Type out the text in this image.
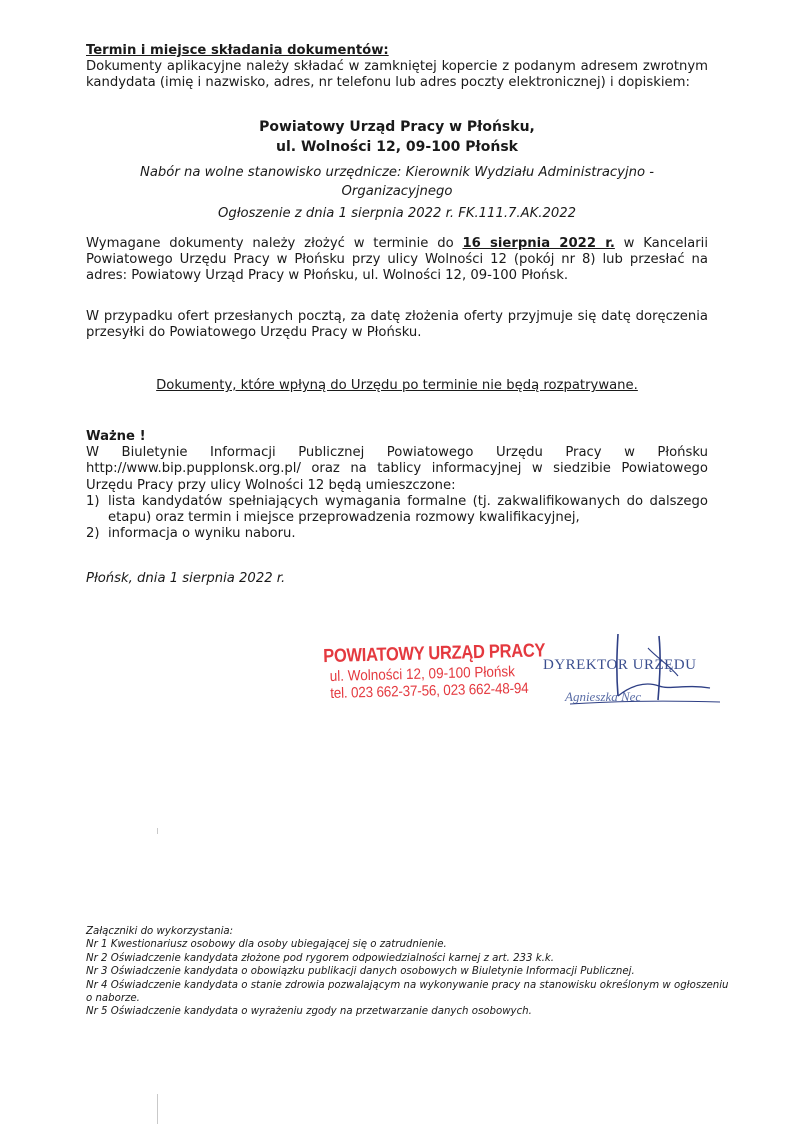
Termin i miejsce składania dokumentów:
Dokumenty aplikacyjne należy składać w zamkniętej kopercie z podanym adresem zwrotnym kandydata (imię i nazwisko, adres, nr telefonu lub adres poczty elektronicznej) i dopiskiem:
Powiatowy Urząd Pracy w Płońsku,
ul. Wolności 12, 09-100 Płońsk
Nabór na wolne stanowisko urzędnicze: Kierownik Wydziału Administracyjno -
Organizacyjnego
Ogłoszenie z dnia 1 sierpnia 2022 r. FK.111.7.AK.2022
Wymagane dokumenty należy złożyć w terminie do 16 sierpnia 2022 r. w Kancelarii Powiatowego Urzędu Pracy w Płońsku przy ulicy Wolności 12 (pokój nr 8) lub przesłać na adres: Powiatowy Urząd Pracy w Płońsku, ul. Wolności 12, 09-100 Płońsk.
W przypadku ofert przesłanych pocztą, za datę złożenia oferty przyjmuje się datę doręczenia przesyłki do Powiatowego Urzędu Pracy w Płońsku.
Dokumenty, które wpłyną do Urzędu po terminie nie będą rozpatrywane.
Ważne !
W Biuletynie Informacji Publicznej Powiatowego Urzędu Pracy w Płońsku http://www.bip.pupplonsk.org.pl/ oraz na tablicy informacyjnej w siedzibie Powiatowego Urzędu Pracy przy ulicy Wolności 12 będą umieszczone:
1) lista kandydatów spełniających wymagania formalne (tj. zakwalifikowanych do dalszego etapu) oraz termin i miejsce przeprowadzenia rozmowy kwalifikacyjnej,
2) informacja o wyniku naboru.
Płońsk, dnia 1 sierpnia 2022 r.
POWIATOWY URZĄD PRACY
ul. Wolności 12, 09-100 Płońsk
tel. 023 662-37-56, 023 662-48-94
DYREKTOR URZĘDU
Agnieszka Nec
Załączniki do wykorzystania:
Nr 1 Kwestionariusz osobowy dla osoby ubiegającej się o zatrudnienie.
Nr 2 Oświadczenie kandydata złożone pod rygorem odpowiedzialności karnej z art. 233 k.k.
Nr 3 Oświadczenie kandydata o obowiązku publikacji danych osobowych w Biuletynie Informacji Publicznej.
Nr 4 Oświadczenie kandydata o stanie zdrowia pozwalającym na wykonywanie pracy na stanowisku określonym w ogłoszeniu o naborze.
Nr 5 Oświadczenie kandydata o wyrażeniu zgody na przetwarzanie danych osobowych.
